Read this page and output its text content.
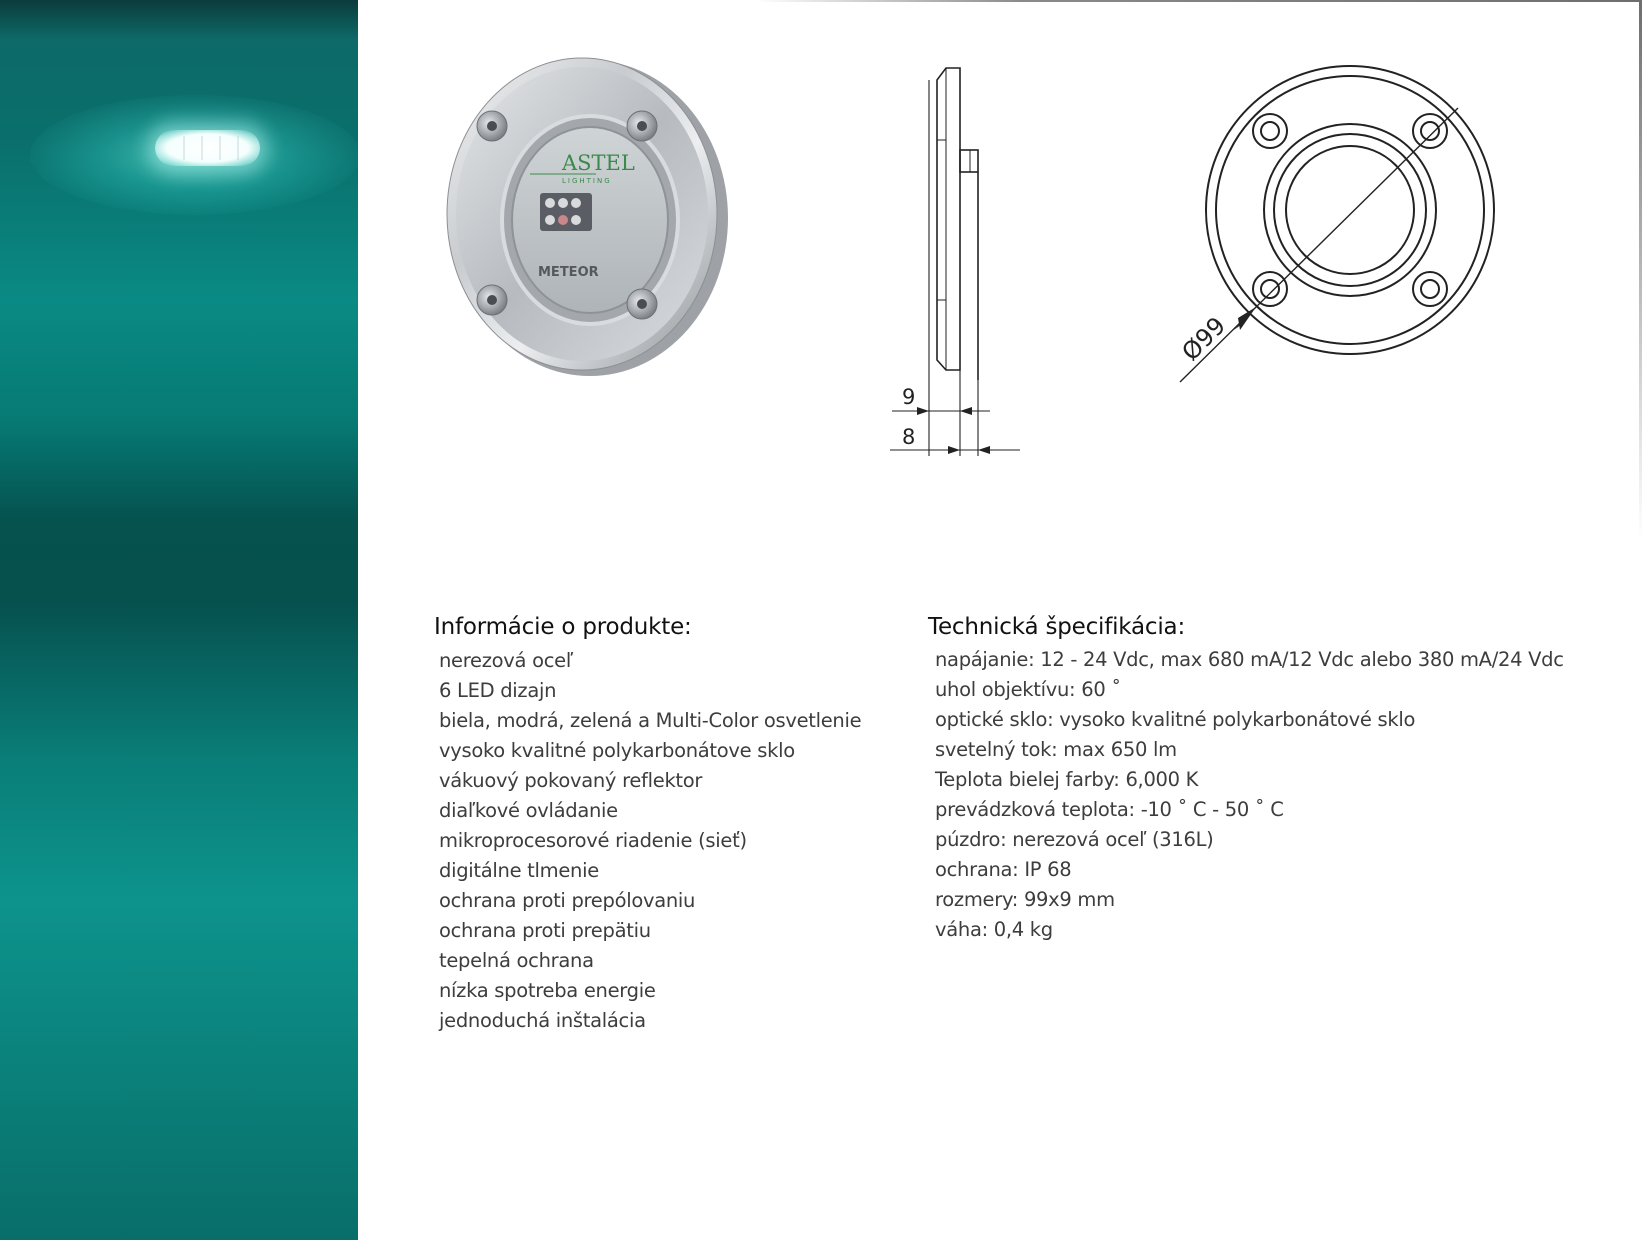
ASTEL
LIGHTING
METEOR
9
8
Ø99
Informácie o produkte:
nerezová oceľ
6 LED dizajn
biela, modrá, zelená a Multi-Color osvetlenie
vysoko kvalitné polykarbonátove sklo
vákuový pokovaný reflektor
diaľkové ovládanie
mikroprocesorové riadenie (sieť)
digitálne tlmenie
ochrana proti prepólovaniu
ochrana proti prepätiu
tepelná ochrana
nízka spotreba energie
jednoduchá inštalácia
Technická špecifikácia:
napájanie: 12 - 24 Vdc, max 680 mA/12 Vdc alebo 380 mA/24 Vdc
uhol objektívu: 60 ˚
optické sklo: vysoko kvalitné polykarbonátové sklo
svetelný tok: max 650 lm
Teplota bielej farby: 6,000 K
prevádzková teplota: -10 ˚ C - 50 ˚ C
púzdro: nerezová oceľ (316L)
ochrana: IP 68
rozmery: 99x9 mm
váha: 0,4 kg
